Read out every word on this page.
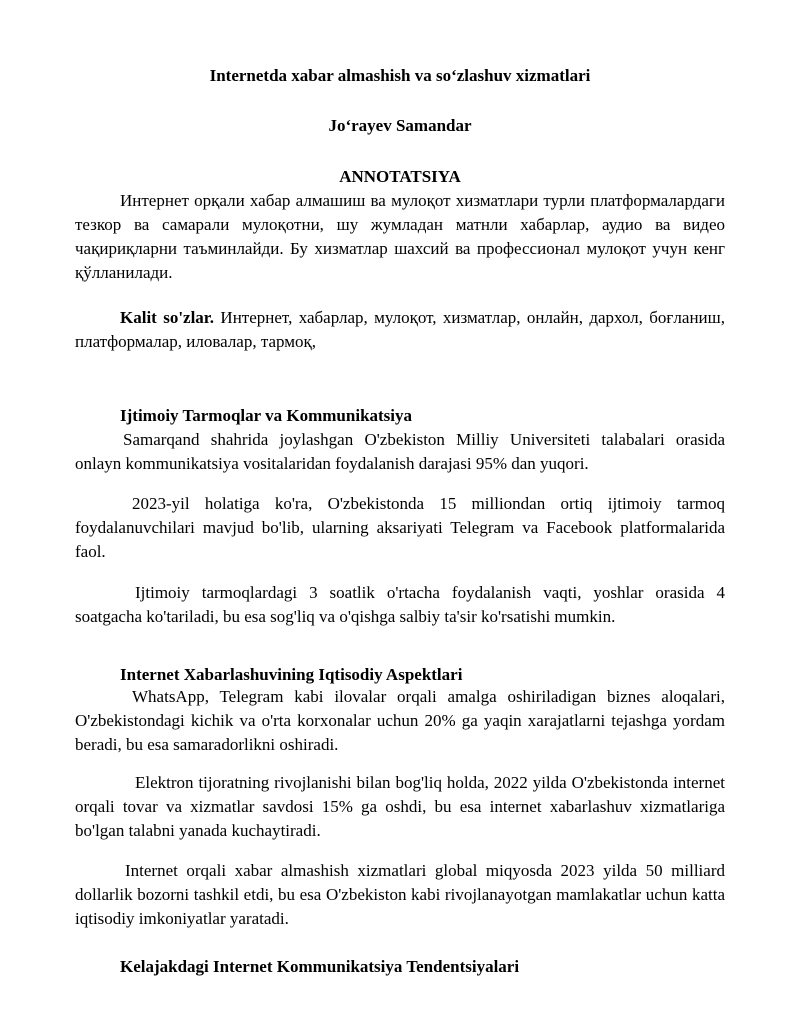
Internetda xabar almashish va so‘zlashuv xizmatlari
Jo‘rayev Samandar
ANNOTATSIYA
Интернет орқали хабар алмашиш ва мулоқот хизматлари турли платформалардаги тезкор ва самарали мулоқотни, шу жумладан матнли хабарлар, аудио ва видео чақириқларни таъминлайди. Бу хизматлар шахсий ва профессионал мулоқот учун кенг қўлланилади.
Kalit so'zlar. Интернет, хабарлар, мулоқот, хизматлар, онлайн, дархол, боғланиш, платформалар, иловалар, тармоқ,
Ijtimoiy Tarmoqlar va Kommunikatsiya
Samarqand shahrida joylashgan O'zbekiston Milliy Universiteti talabalari orasida onlayn kommunikatsiya vositalaridan foydalanish darajasi 95% dan yuqori.
2023-yil holatiga ko'ra, O'zbekistonda 15 milliondan ortiq ijtimoiy tarmoq foydalanuvchilari mavjud bo'lib, ularning aksariyati Telegram va Facebook platformalarida faol.
Ijtimoiy tarmoqlardagi 3 soatlik o'rtacha foydalanish vaqti, yoshlar orasida 4 soatgacha ko'tariladi, bu esa sog'liq va o'qishga salbiy ta'sir ko'rsatishi mumkin.
Internet Xabarlashuvining Iqtisodiy Aspektlari
WhatsApp, Telegram kabi ilovalar orqali amalga oshiriladigan biznes aloqalari, O'zbekistondagi kichik va o'rta korxonalar uchun 20% ga yaqin xarajatlarni tejashga yordam beradi, bu esa samaradorlikni oshiradi.
Elektron tijoratning rivojlanishi bilan bog'liq holda, 2022 yilda O'zbekistonda internet orqali tovar va xizmatlar savdosi 15% ga oshdi, bu esa internet xabarlashuv xizmatlariga bo'lgan talabni yanada kuchaytiradi.
Internet orqali xabar almashish xizmatlari global miqyosda 2023 yilda 50 milliard dollarlik bozorni tashkil etdi, bu esa O'zbekiston kabi rivojlanayotgan mamlakatlar uchun katta iqtisodiy imkoniyatlar yaratadi.
Kelajakdagi Internet Kommunikatsiya Tendentsiyalari
